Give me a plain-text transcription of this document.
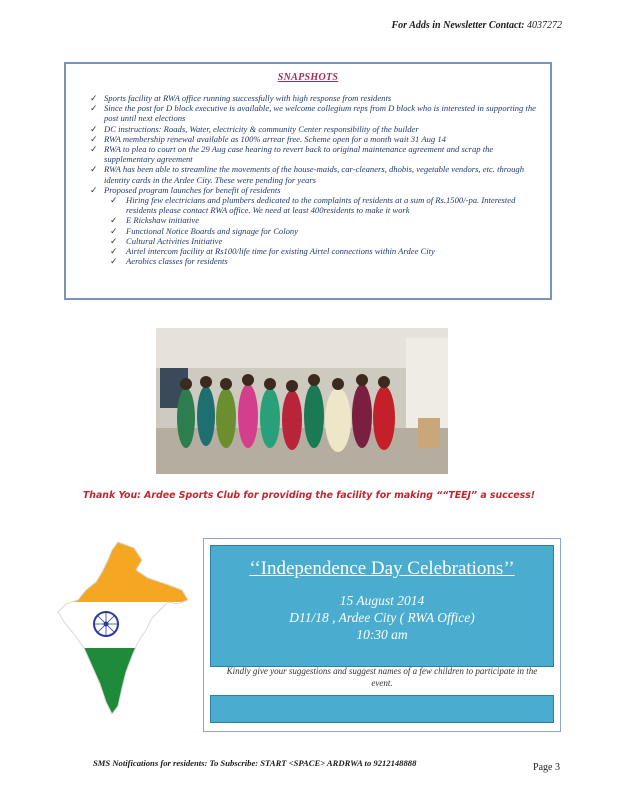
For Adds in Newsletter Contact: 4037272
SNAPSHOTS
✓ Sports facility at RWA office running successfully with high response from residents
✓ Since the post for D block executive is available, we welcome collegium reps from D block who is interested in supporting the post until next elections
✓ DC instructions: Roads, Water, electricity & community Center responsibility of the builder
✓ RWA membership renewal available as 100% arrear free. Scheme open for a month wait 31 Aug 14
✓ RWA to plea to court on the 29 Aug case hearing to revert back to original maintenance agreement and scrap the supplementary agreement
✓ RWA has been able to streamline the movements of the house-maids, car-cleaners, dhobis, vegetable vendors, etc. through identity cards in the Ardee City. These were pending for years
✓ Proposed program launches for benefit of residents
✓ Hiring few electricians and plumbers dedicated to the complaints of residents at a sum of Rs.1500/-pa. Interested residents please contact RWA office. We need at least 400residents to make it work
✓ E Rickshaw initiative
✓ Functional Notice Boards and signage for Colony
✓ Cultural Activities Initiative
✓ Airtel intercom facility at Rs100/life time for existing Airtel connections within Ardee City
✓ Aerobics classes for residents
Thank You: Ardee Sports Club for providing the facility for making ““TEEJ” a success!
‘‘Independence Day Celebrations’’
15 August 2014
D11/18 , Ardee City ( RWA Office)
10:30 am
Kindly give your suggestions and suggest names of a few children to participate in the event.
SMS Notifications for residents: To Subscribe: START <SPACE> ARDRWA to 9212148888	Page 3
